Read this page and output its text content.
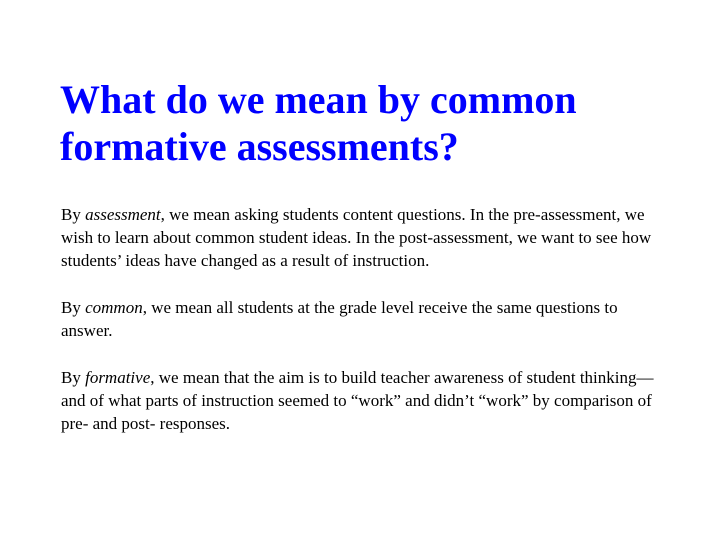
What do we mean by common formative assessments?

By assessment, we mean asking students content questions. In the pre-assessment, we wish to learn about common student ideas. In the post-assessment, we want to see how students’ ideas have changed as a result of instruction.

By common, we mean all students at the grade level receive the same questions to answer.

By formative, we mean that the aim is to build teacher awareness of student thinking—and of what parts of instruction seemed to “work” and didn’t “work” by comparison of pre- and post- responses.
